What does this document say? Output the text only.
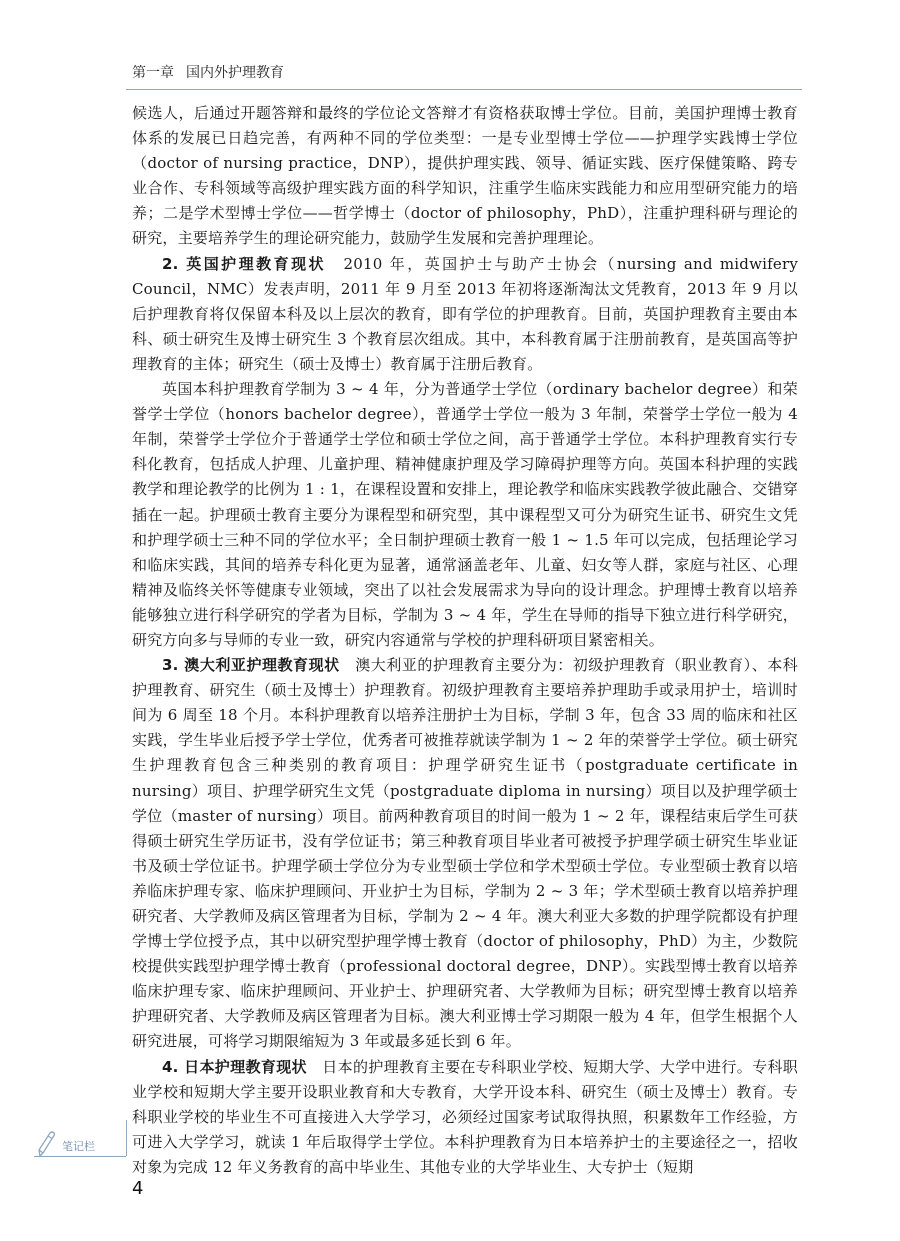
第一章 国内外护理教育

候选人，后通过开题答辩和最终的学位论文答辩才有资格获取博士学位。目前，美国护理博士教育体系的发展已日趋完善，有两种不同的学位类型：一是专业型博士学位——护理学实践博士学位（doctor of nursing practice，DNP），提供护理实践、领导、循证实践、医疗保健策略、跨专业合作、专科领域等高级护理实践方面的科学知识，注重学生临床实践能力和应用型研究能力的培养；二是学术型博士学位——哲学博士（doctor of philosophy，PhD），注重护理科研与理论的研究，主要培养学生的理论研究能力，鼓励学生发展和完善护理理论。

2. 英国护理教育现状　 2010 年，英国护士与助产士协会（nursing and midwifery Council，NMC）发表声明，2011 年 9 月至 2013 年初将逐渐淘汰文凭教育，2013 年 9 月以后护理教育将仅保留本科及以上层次的教育，即有学位的护理教育。目前，英国护理教育主要由本科、硕士研究生及博士研究生 3 个教育层次组成。其中，本科教育属于注册前教育，是英国高等护理教育的主体；研究生（硕士及博士）教育属于注册后教育。

英国本科护理教育学制为 3 ~ 4 年，分为普通学士学位（ordinary bachelor degree）和荣誉学士学位（honors bachelor degree），普通学士学位一般为 3 年制，荣誉学士学位一般为 4 年制，荣誉学士学位介于普通学士学位和硕士学位之间，高于普通学士学位。本科护理教育实行专科化教育，包括成人护理、儿童护理、精神健康护理及学习障碍护理等方向。英国本科护理的实践教学和理论教学的比例为 1 : 1，在课程设置和安排上，理论教学和临床实践教学彼此融合、交错穿插在一起。护理硕士教育主要分为课程型和研究型，其中课程型又可分为研究生证书、研究生文凭和护理学硕士三种不同的学位水平；全日制护理硕士教育一般 1 ~ 1.5 年可以完成，包括理论学习和临床实践，其间的培养专科化更为显著，通常涵盖老年、儿童、妇女等人群，家庭与社区、心理精神及临终关怀等健康专业领域，突出了以社会发展需求为导向的设计理念。护理博士教育以培养能够独立进行科学研究的学者为目标，学制为 3 ~ 4 年，学生在导师的指导下独立进行科学研究，研究方向多与导师的专业一致，研究内容通常与学校的护理科研项目紧密相关。

3. 澳大利亚护理教育现状　 澳大利亚的护理教育主要分为：初级护理教育（职业教育）、本科护理教育、研究生（硕士及博士）护理教育。初级护理教育主要培养护理助手或录用护士，培训时间为 6 周至 18 个月。本科护理教育以培养注册护士为目标，学制 3 年，包含 33 周的临床和社区实践，学生毕业后授予学士学位，优秀者可被推荐就读学制为 1 ~ 2 年的荣誉学士学位。硕士研究生护理教育包含三种类别的教育项目：护理学研究生证书（postgraduate certificate in nursing）项目、护理学研究生文凭（postgraduate diploma in nursing）项目以及护理学硕士学位（master of nursing）项目。前两种教育项目的时间一般为 1 ~ 2 年，课程结束后学生可获得硕士研究生学历证书，没有学位证书；第三种教育项目毕业者可被授予护理学硕士研究生毕业证书及硕士学位证书。护理学硕士学位分为专业型硕士学位和学术型硕士学位。专业型硕士教育以培养临床护理专家、临床护理顾问、开业护士为目标，学制为 2 ~ 3 年；学术型硕士教育以培养护理研究者、大学教师及病区管理者为目标，学制为 2 ~ 4 年。澳大利亚大多数的护理学院都设有护理学博士学位授予点，其中以研究型护理学博士教育（doctor of philosophy，PhD）为主，少数院校提供实践型护理学博士教育（professional doctoral degree，DNP）。实践型博士教育以培养临床护理专家、临床护理顾问、开业护士、护理研究者、大学教师为目标；研究型博士教育以培养护理研究者、大学教师及病区管理者为目标。澳大利亚博士学习期限一般为 4 年，但学生根据个人研究进展，可将学习期限缩短为 3 年或最多延长到 6 年。

4. 日本护理教育现状　 日本的护理教育主要在专科职业学校、短期大学、大学中进行。专科职业学校和短期大学主要开设职业教育和大专教育，大学开设本科、研究生（硕士及博士）教育。专科职业学校的毕业生不可直接进入大学学习，必须经过国家考试取得执照，积累数年工作经验，方可进入大学学习，就读 1 年后取得学士学位。本科护理教育为日本培养护士的主要途径之一，招收对象为完成 12 年义务教育的高中毕业生、其他专业的大学毕业生、大专护士（短期

笔记栏
4
